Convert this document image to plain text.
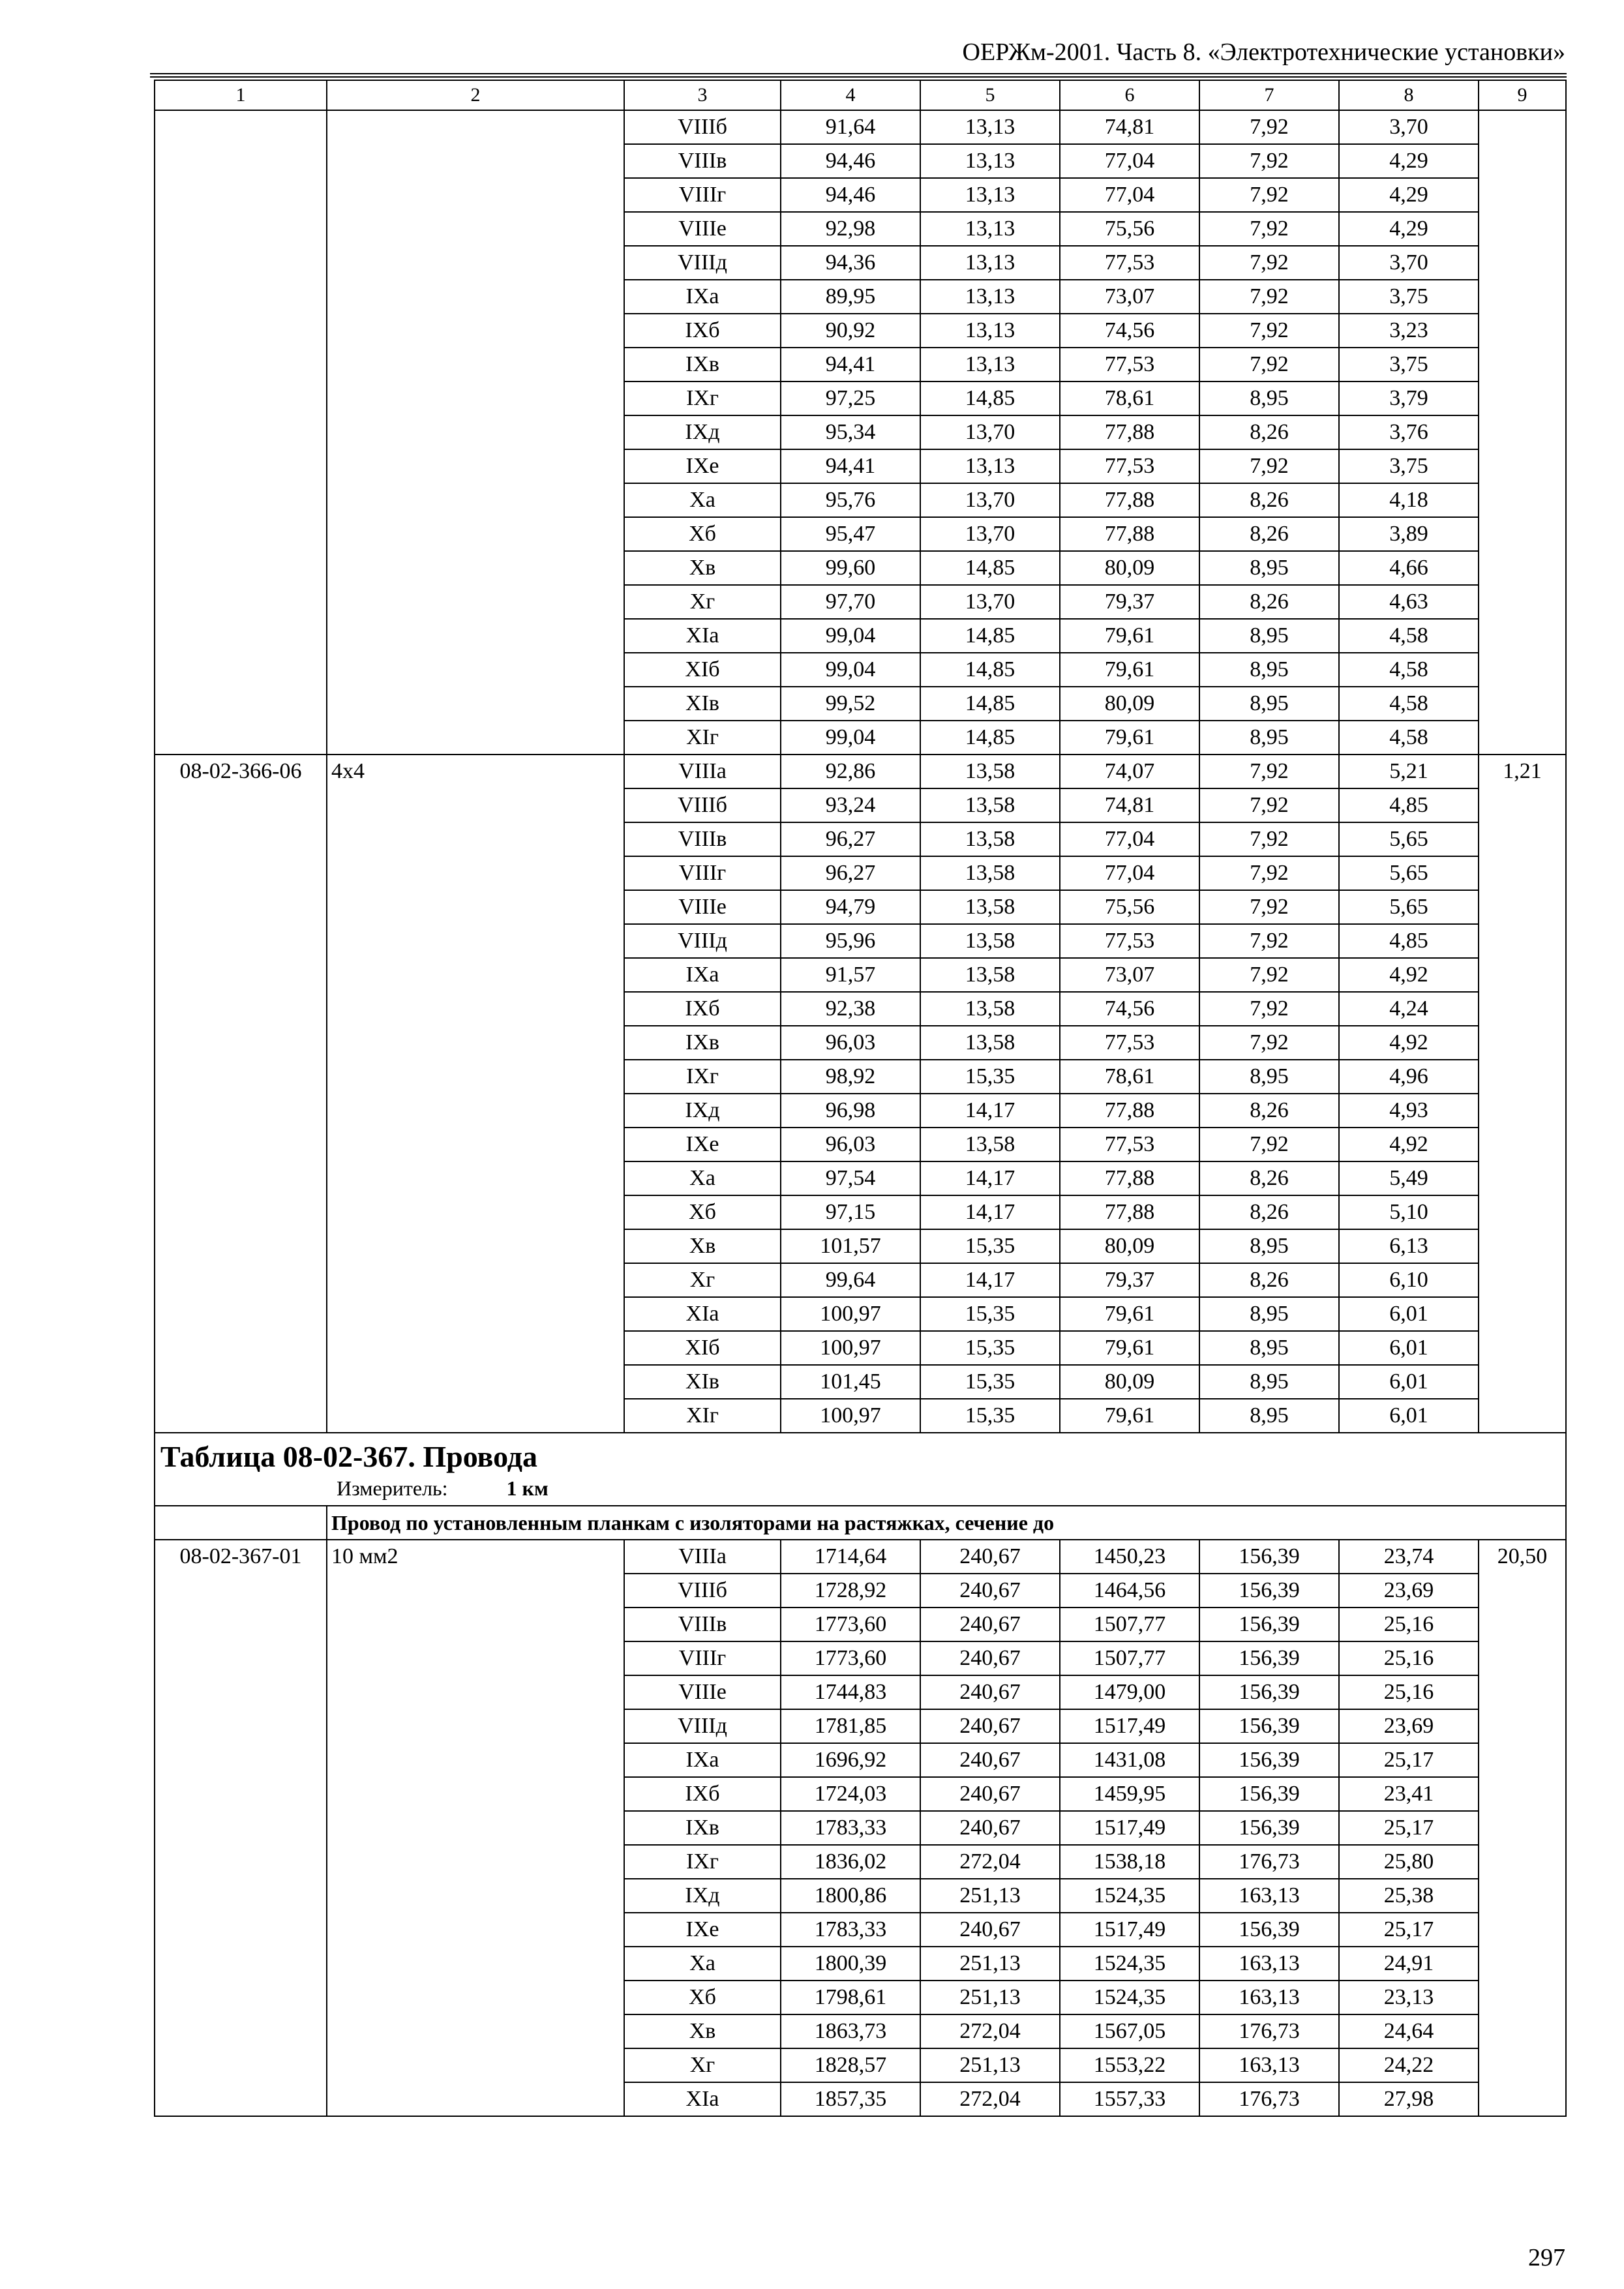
ОЕРЖм-2001. Часть 8. «Электротехнические установки»
1	2	3	4	5	6	7	8	9
		VIIIб	91,64	13,13	74,81	7,92	3,70	
		VIIIв	94,46	13,13	77,04	7,92	4,29	
		VIIIг	94,46	13,13	77,04	7,92	4,29	
		VIIIе	92,98	13,13	75,56	7,92	4,29	
		VIIIд	94,36	13,13	77,53	7,92	3,70	
		IXа	89,95	13,13	73,07	7,92	3,75	
		IXб	90,92	13,13	74,56	7,92	3,23	
		IXв	94,41	13,13	77,53	7,92	3,75	
		IXг	97,25	14,85	78,61	8,95	3,79	
		IXд	95,34	13,70	77,88	8,26	3,76	
		IXе	94,41	13,13	77,53	7,92	3,75	
		Xа	95,76	13,70	77,88	8,26	4,18	
		Xб	95,47	13,70	77,88	8,26	3,89	
		Xв	99,60	14,85	80,09	8,95	4,66	
		Xг	97,70	13,70	79,37	8,26	4,63	
		XIа	99,04	14,85	79,61	8,95	4,58	
		XIб	99,04	14,85	79,61	8,95	4,58	
		XIв	99,52	14,85	80,09	8,95	4,58	
		XIг	99,04	14,85	79,61	8,95	4,58	
08-02-366-06	4х4	VIIIа	92,86	13,58	74,07	7,92	5,21	1,21
		VIIIб	93,24	13,58	74,81	7,92	4,85	
		VIIIв	96,27	13,58	77,04	7,92	5,65	
		VIIIг	96,27	13,58	77,04	7,92	5,65	
		VIIIе	94,79	13,58	75,56	7,92	5,65	
		VIIIд	95,96	13,58	77,53	7,92	4,85	
		IXа	91,57	13,58	73,07	7,92	4,92	
		IXб	92,38	13,58	74,56	7,92	4,24	
		IXв	96,03	13,58	77,53	7,92	4,92	
		IXг	98,92	15,35	78,61	8,95	4,96	
		IXд	96,98	14,17	77,88	8,26	4,93	
		IXе	96,03	13,58	77,53	7,92	4,92	
		Xа	97,54	14,17	77,88	8,26	5,49	
		Xб	97,15	14,17	77,88	8,26	5,10	
		Xв	101,57	15,35	80,09	8,95	6,13	
		Xг	99,64	14,17	79,37	8,26	6,10	
		XIа	100,97	15,35	79,61	8,95	6,01	
		XIб	100,97	15,35	79,61	8,95	6,01	
		XIв	101,45	15,35	80,09	8,95	6,01	
		XIг	100,97	15,35	79,61	8,95	6,01	

Таблица 08-02-367. Провода
Измеритель: 1 км								

	Провод по установленным планкам с изоляторами на растяжках, сечение до							
08-02-367-01	10 мм2	VIIIа	1714,64	240,67	1450,23	156,39	23,74	20,50
		VIIIб	1728,92	240,67	1464,56	156,39	23,69	
		VIIIв	1773,60	240,67	1507,77	156,39	25,16	
		VIIIг	1773,60	240,67	1507,77	156,39	25,16	
		VIIIе	1744,83	240,67	1479,00	156,39	25,16	
		VIIIд	1781,85	240,67	1517,49	156,39	23,69	
		IXа	1696,92	240,67	1431,08	156,39	25,17	
		IXб	1724,03	240,67	1459,95	156,39	23,41	
		IXв	1783,33	240,67	1517,49	156,39	25,17	
		IXг	1836,02	272,04	1538,18	176,73	25,80	
		IXд	1800,86	251,13	1524,35	163,13	25,38	
		IXе	1783,33	240,67	1517,49	156,39	25,17	
		Xа	1800,39	251,13	1524,35	163,13	24,91	
		Xб	1798,61	251,13	1524,35	163,13	23,13	
		Xв	1863,73	272,04	1567,05	176,73	24,64	
		Xг	1828,57	251,13	1553,22	163,13	24,22	
		XIа	1857,35	272,04	1557,33	176,73	27,98	
297
